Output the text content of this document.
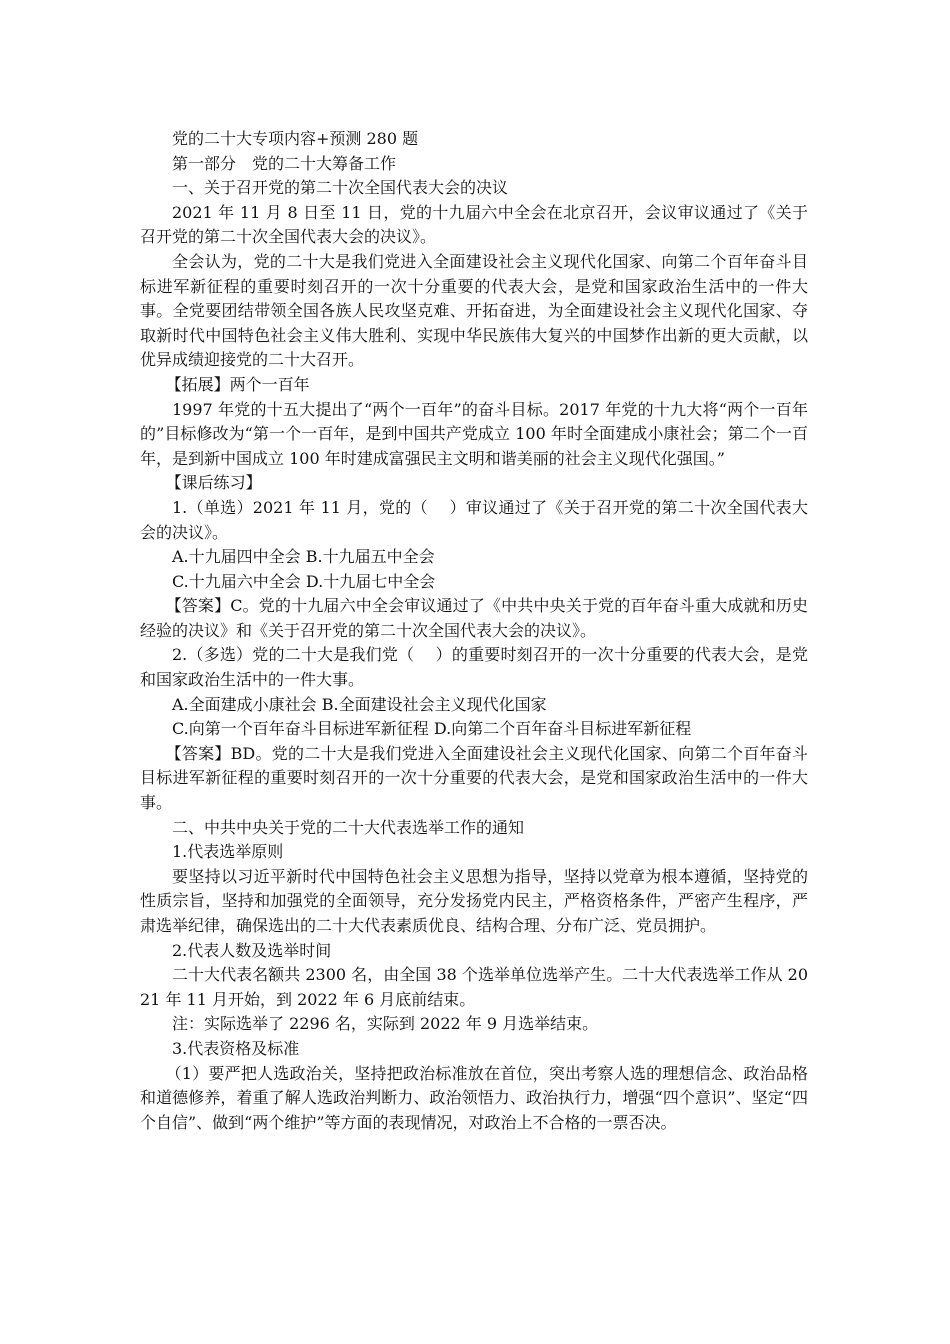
党的二十大专项内容+预测 280 题

第一部分　党的二十大筹备工作

一、关于召开党的第二十次全国代表大会的决议

2021 年 11 月 8 日至 11 日，党的十九届六中全会在北京召开，会议审议通过了《关于召开党的第二十次全国代表大会的决议》。

全会认为，党的二十大是我们党进入全面建设社会主义现代化国家、向第二个百年奋斗目标进军新征程的重要时刻召开的一次十分重要的代表大会，是党和国家政治生活中的一件大事。全党要团结带领全国各族人民攻坚克难、开拓奋进，为全面建设社会主义现代化国家、夺取新时代中国特色社会主义伟大胜利、实现中华民族伟大复兴的中国梦作出新的更大贡献，以优异成绩迎接党的二十大召开。

【拓展】两个一百年

1997 年党的十五大提出了“两个一百年”的奋斗目标。2017 年党的十九大将“两个一百年的”目标修改为“第一个一百年，是到中国共产党成立 100 年时全面建成小康社会；第二个一百年，是到新中国成立 100 年时建成富强民主文明和谐美丽的社会主义现代化强国。”

【课后练习】

1.（单选）2021 年 11 月，党的（　 ）审议通过了《关于召开党的第二十次全国代表大会的决议》。

A.十九届四中全会 B.十九届五中全会

C.十九届六中全会 D.十九届七中全会

【答案】C。党的十九届六中全会审议通过了《中共中央关于党的百年奋斗重大成就和历史经验的决议》和《关于召开党的第二十次全国代表大会的决议》。

2.（多选）党的二十大是我们党（　 ）的重要时刻召开的一次十分重要的代表大会，是党和国家政治生活中的一件大事。

A.全面建成小康社会 B.全面建设社会主义现代化国家

C.向第一个百年奋斗目标进军新征程 D.向第二个百年奋斗目标进军新征程

【答案】BD。党的二十大是我们党进入全面建设社会主义现代化国家、向第二个百年奋斗目标进军新征程的重要时刻召开的一次十分重要的代表大会，是党和国家政治生活中的一件大事。

二、中共中央关于党的二十大代表选举工作的通知

1.代表选举原则

要坚持以习近平新时代中国特色社会主义思想为指导，坚持以党章为根本遵循，坚持党的性质宗旨，坚持和加强党的全面领导，充分发扬党内民主，严格资格条件，严密产生程序，严肃选举纪律，确保选出的二十大代表素质优良、结构合理、分布广泛、党员拥护。

2.代表人数及选举时间

二十大代表名额共 2300 名，由全国 38 个选举单位选举产生。二十大代表选举工作从 2021 年 11 月开始，到 2022 年 6 月底前结束。

注：实际选举了 2296 名，实际到 2022 年 9 月选举结束。

3.代表资格及标准

（1）要严把人选政治关，坚持把政治标准放在首位，突出考察人选的理想信念、政治品格和道德修养，着重了解人选政治判断力、政治领悟力、政治执行力，增强“四个意识”、坚定“四个自信”、做到“两个维护”等方面的表现情况，对政治上不合格的一票否决。
